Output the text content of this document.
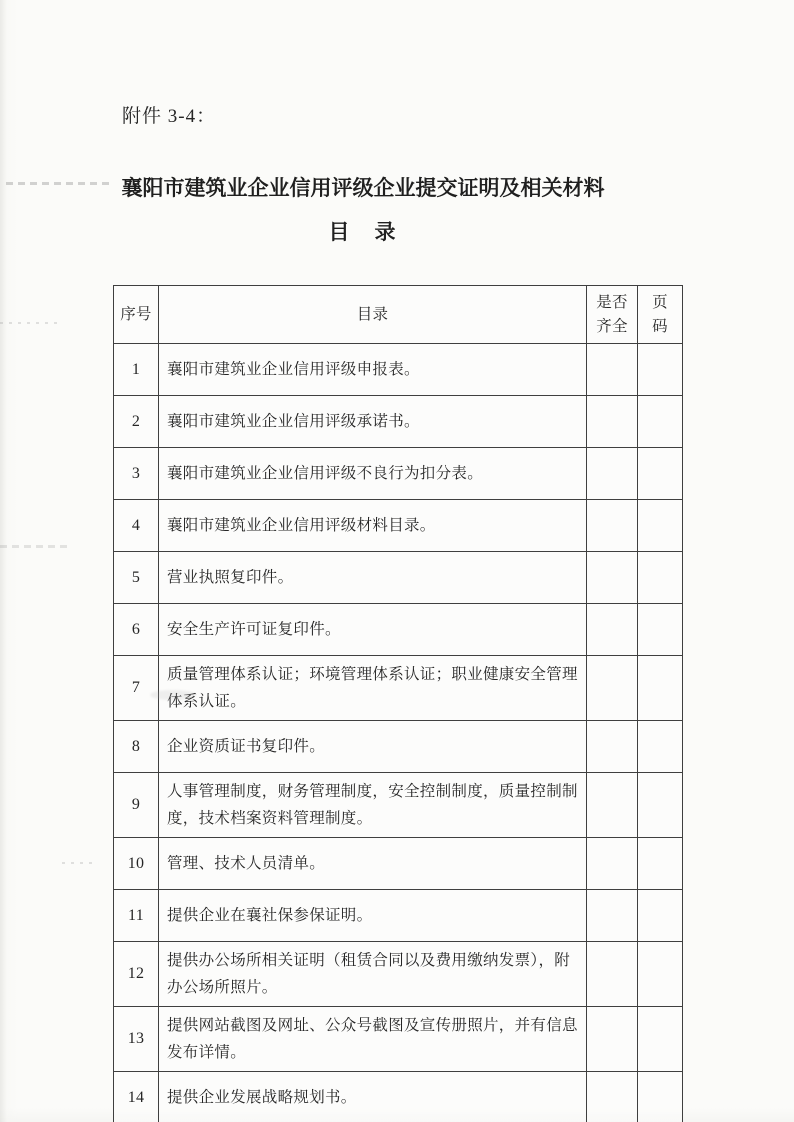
附件 3-4：
襄阳市建筑业企业信用评级企业提交证明及相关材料
目　录
序号	目录	是否齐全	页码
1	襄阳市建筑业企业信用评级申报表。		
2	襄阳市建筑业企业信用评级承诺书。		
3	襄阳市建筑业企业信用评级不良行为扣分表。		
4	襄阳市建筑业企业信用评级材料目录。		
5	营业执照复印件。		
6	安全生产许可证复印件。		
7	质量管理体系认证；环境管理体系认证；职业健康安全管理体系认证。		
8	企业资质证书复印件。		
9	人事管理制度，财务管理制度，安全控制制度，质量控制制度，技术档案资料管理制度。		
10	管理、技术人员清单。		
11	提供企业在襄社保参保证明。		
12	提供办公场所相关证明（租赁合同以及费用缴纳发票），附办公场所照片。		
13	提供网站截图及网址、公众号截图及宣传册照片，并有信息发布详情。		
14	提供企业发展战略规划书。		
